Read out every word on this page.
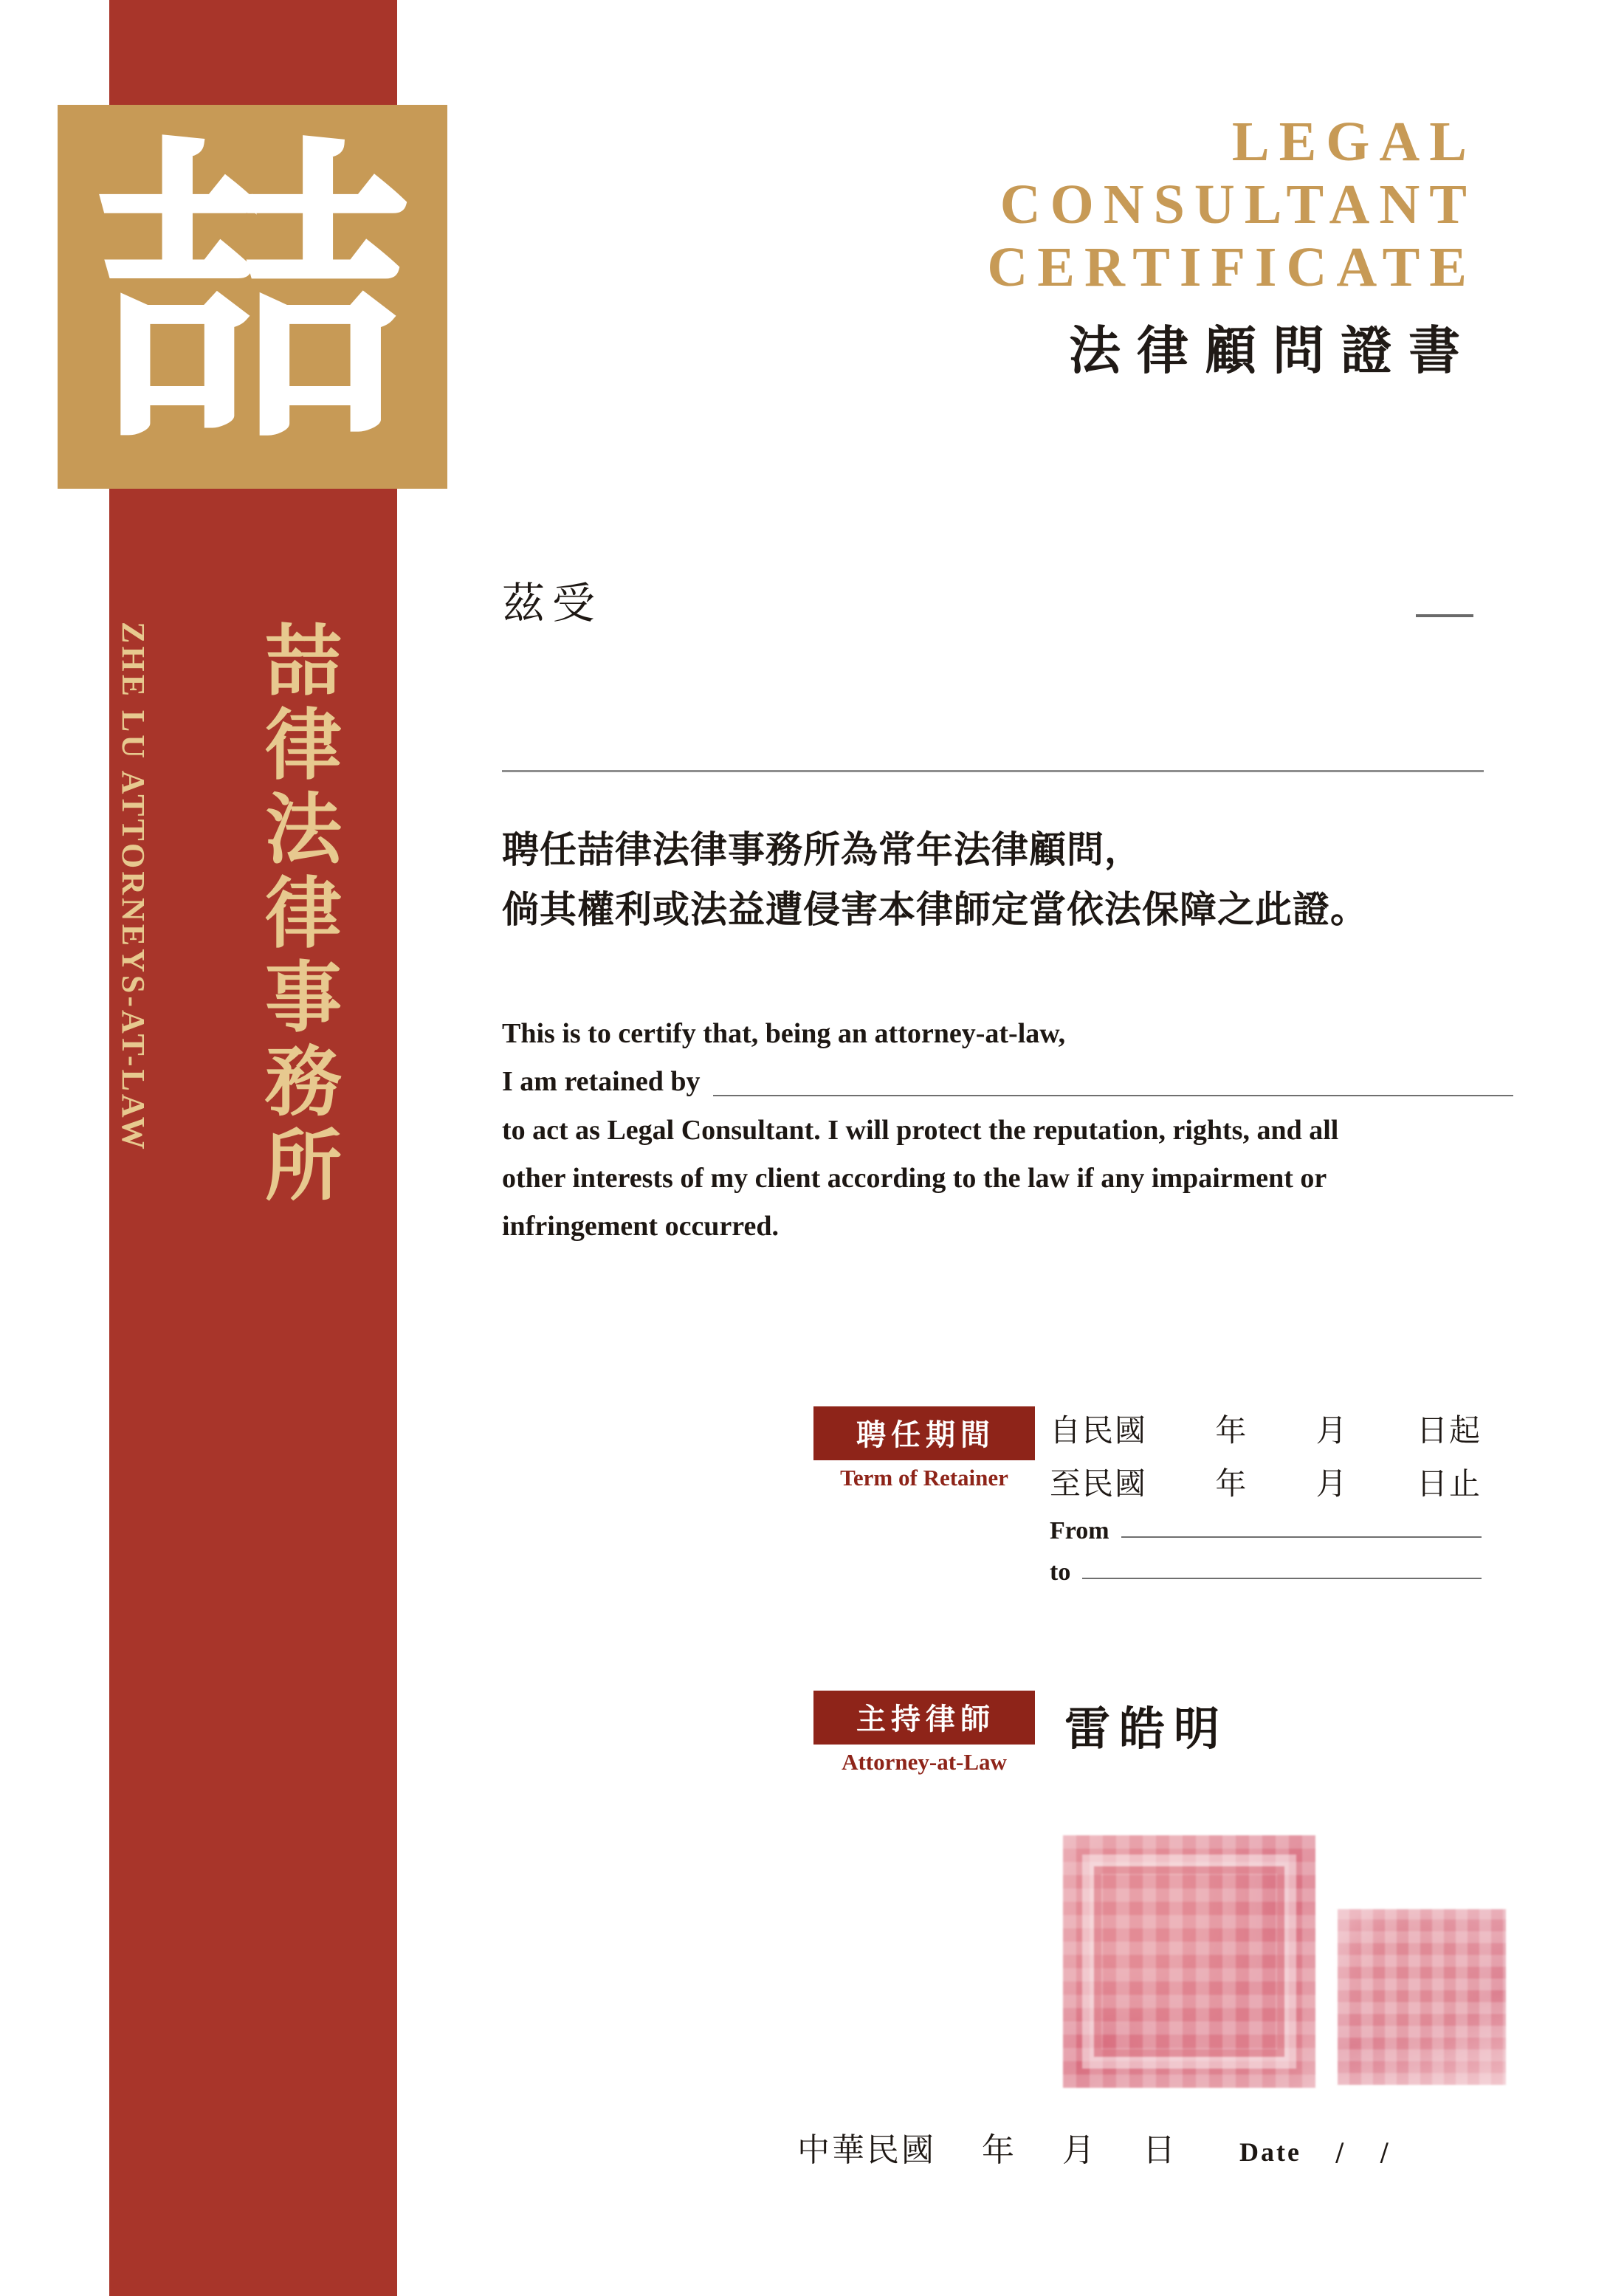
喆
喆律法律事務所
ZHE LU ATTORNEYS-AT-LAW
LEGAL
CONSULTANT
CERTIFICATE
法律顧問證書
茲受
聘任喆律法律事務所為常年法律顧問，
倘其權利或法益遭侵害本律師定當依法保障之此證。
This is to certify that, being an attorney-at-law,
I am retained by
to act as Legal Consultant. I will protect the reputation, rights, and all
other interests of my client according to the law if any impairment or
infringement occurred.
聘任期間
Term of Retainer
自民國 年 月 日起
至民國 年 月 日止
From
to
主持律師
Attorney-at-Law
雷皓明
中華民國 年 月 日 Date / /
